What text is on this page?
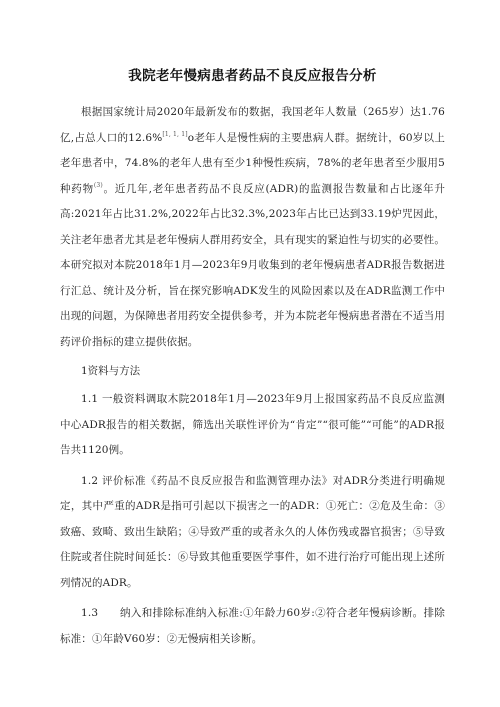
我院老年慢病患者药品不良反应报告分析

根据国家统计局2020年最新发布的数据，我国老年人数量（265岁）达1.76亿,占总人口的12.6%[1, 1, 1]o老年人是慢性病的主要患病人群。据统计，60岁以上老年患者中，74.8%的老年人患有至少1种慢性疾病，78%的老年患者至少服用5种药物$^{(3)}$。近几年,老年患者药品不良反应(ADR)的监测报告数量和占比逐年升高:2021年占比31.2%,2022年占比32.3%,2023年占比已达到33.19炉咒因此，关注老年患者尤其是老年慢病人群用药安全，具有现实的紧迫性与切实的必要性。本研究拟对本院2018年1月—2023年9月收集到的老年慢病患者ADR报告数据进行汇总、统计及分析，旨在探究影响ADK发生的风险因素以及在ADR监测工作中出现的问题，为保障患者用药安全提供参考，并为本院老年慢病患者潜在不适当用药评价指标的建立提供依据。

1资料与方法

1.1 一般资料调取木院2018年1月—2023年9月上报国家药品不良反应监测中心ADR报告的相关数据，筛选出关联性评价为“肯定”“很可能”“可能”的ADR报告共1120例。

1.2 评价标准《药品不良反应报告和监测管理办法》对ADR分类进行明确规定，其中严重的ADR是指可引起以下损害之一的ADR：①死亡：②危及生命：③致癌、致畸、致出生缺陷；④导致严重的或者永久的人体伤残或器官损害；⑤导致住院或者住院时间延长：⑥导致其他重要医学事件，如不进行治疗可能出现上述所列情况的ADR。

1.3　　纳入和排除标准纳入标准:①年龄力60岁:②符合老年慢病诊断。排除标准：①年龄V60岁：②无慢病相关诊断。
